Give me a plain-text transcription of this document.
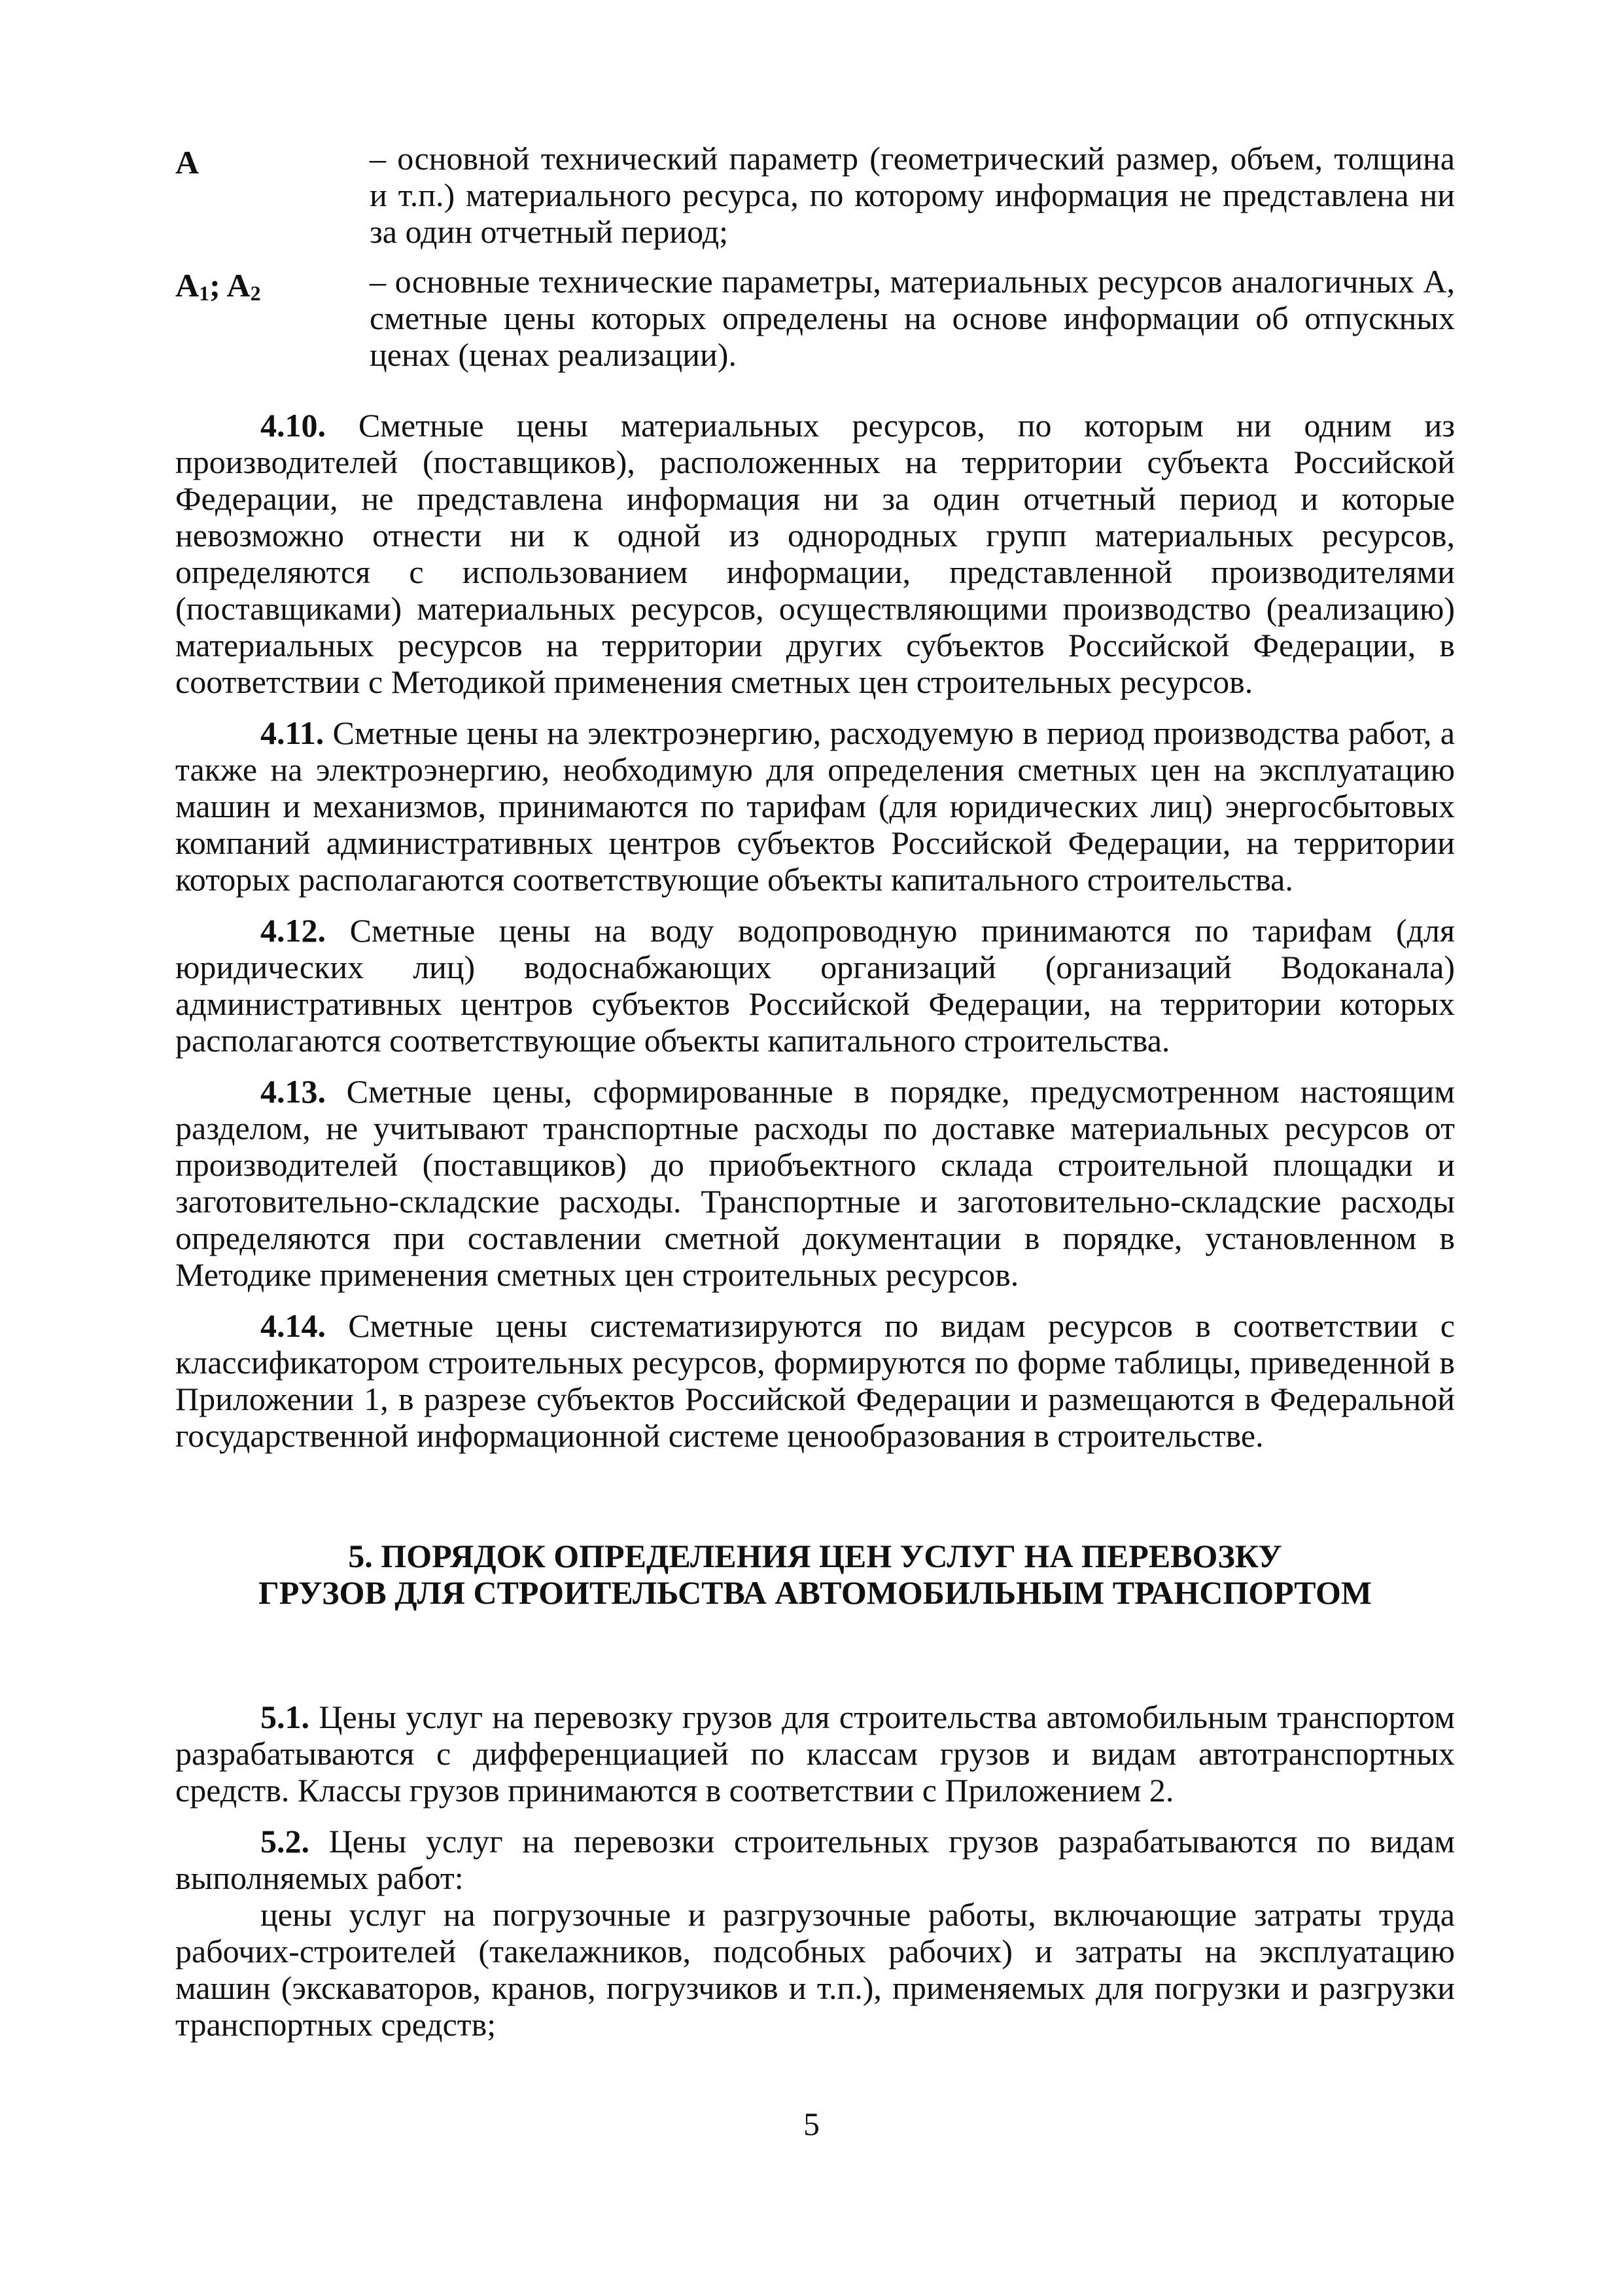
A	– основной технический параметр (геометрический размер, объем, толщина и т.п.) материального ресурса, по которому информация не представлена ни за один отчетный период;
$A_1$; $A_2$	– основные технические параметры, материальных ресурсов аналогичных А, сметные цены которых определены на основе информации об отпускных ценах (ценах реализации).

4.10. Сметные цены материальных ресурсов, по которым ни одним из производителей (поставщиков), расположенных на территории субъекта Российской Федерации, не представлена информация ни за один отчетный период и которые невозможно отнести ни к одной из однородных групп материальных ресурсов, определяются с использованием информации, представленной производителями (поставщиками) материальных ресурсов, осуществляющими производство (реализацию) материальных ресурсов на территории других субъектов Российской Федерации, в соответствии с Методикой применения сметных цен строительных ресурсов.

4.11. Сметные цены на электроэнергию, расходуемую в период производства работ, а также на электроэнергию, необходимую для определения сметных цен на эксплуатацию машин и механизмов, принимаются по тарифам (для юридических лиц) энергосбытовых компаний административных центров субъектов Российской Федерации, на территории которых располагаются соответствующие объекты капитального строительства.

4.12. Сметные цены на воду водопроводную принимаются по тарифам (для юридических лиц) водоснабжающих организаций (организаций Водоканала) административных центров субъектов Российской Федерации, на территории которых располагаются соответствующие объекты капитального строительства.

4.13. Сметные цены, сформированные в порядке, предусмотренном настоящим разделом, не учитывают транспортные расходы по доставке материальных ресурсов от производителей (поставщиков) до приобъектного склада строительной площадки и заготовительно-складские расходы. Транспортные и заготовительно-складские расходы определяются при составлении сметной документации в порядке, установленном в Методике применения сметных цен строительных ресурсов.

4.14. Сметные цены систематизируются по видам ресурсов в соответствии с классификатором строительных ресурсов, формируются по форме таблицы, приведенной в Приложении 1, в разрезе субъектов Российской Федерации и размещаются в Федеральной государственной информационной системе ценообразования в строительстве.

5. ПОРЯДОК ОПРЕДЕЛЕНИЯ ЦЕН УСЛУГ НА ПЕРЕВОЗКУ
ГРУЗОВ ДЛЯ СТРОИТЕЛЬСТВА АВТОМОБИЛЬНЫМ ТРАНСПОРТОМ

5.1. Цены услуг на перевозку грузов для строительства автомобильным транспортом разрабатываются с дифференциацией по классам грузов и видам автотранспортных средств. Классы грузов принимаются в соответствии с Приложением 2.

5.2. Цены услуг на перевозки строительных грузов разрабатываются по видам выполняемых работ:

цены услуг на погрузочные и разгрузочные работы, включающие затраты труда рабочих-строителей (такелажников, подсобных рабочих) и затраты на эксплуатацию машин (экскаваторов, кранов, погрузчиков и т.п.), применяемых для погрузки и разгрузки транспортных средств;

5
